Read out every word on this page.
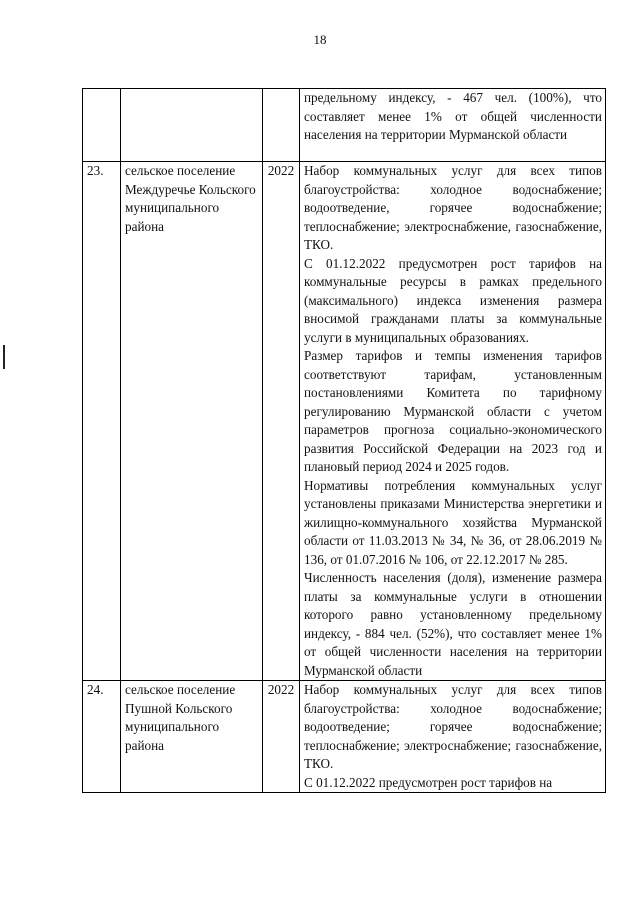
18

			предельному индексу, - 467 чел. (100%), что составляет менее 1% от общей численности населения на территории Мурманской области

23.	сельское поселение Междуречье Кольского муниципального района	2022	Набор коммунальных услуг для всех типов благоустройства: холодное водоснабжение; водоотведение, горячее водоснабжение; теплоснабжение; электроснабжение, газоснабжение, ТКО.

С 01.12.2022 предусмотрен рост тарифов на коммунальные ресурсы в рамках предельного (максимального) индекса изменения размера вносимой гражданами платы за коммунальные услуги в муниципальных образованиях.

Размер тарифов и темпы изменения тарифов соответствуют тарифам, установленным постановлениями Комитета по тарифному регулированию Мурманской области с учетом параметров прогноза социально-экономического развития Российской Федерации на 2023 год и плановый период 2024 и 2025 годов.

Нормативы потребления коммунальных услуг установлены приказами Министерства энергетики и жилищно-коммунального хозяйства Мурманской области от 11.03.2013 № 34, № 36, от 28.06.2019 № 136, от 01.07.2016 № 106, от 22.12.2017 № 285.

Численность населения (доля), изменение размера платы за коммунальные услуги в отношении которого равно установленному предельному индексу, - 884 чел. (52%), что составляет менее 1% от общей численности населения на территории Мурманской области

24.	сельское поселение Пушной Кольского муниципального района	2022	Набор коммунальных услуг для всех типов благоустройства: холодное водоснабжение; водоотведение; горячее водоснабжение; теплоснабжение; электроснабжение; газоснабжение, ТКО.

С 01.12.2022 предусмотрен рост тарифов на
